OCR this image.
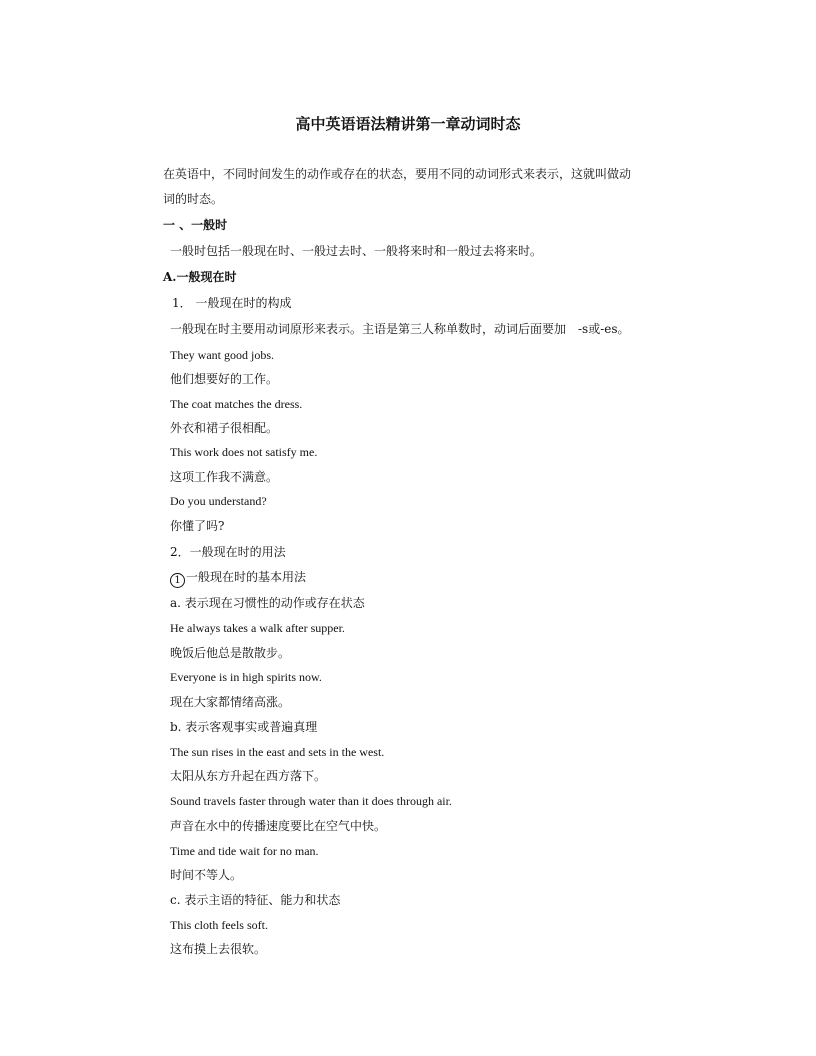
高中英语语法精讲第一章动词时态
在英语中，不同时间发生的动作或存在的状态，要用不同的动词形式来表示，这就叫做动
词的时态。
一 、一般时
一般时包括一般现在时、一般过去时、一般将来时和一般过去将来时。
A.一般现在时
1． 一般现在时的构成
一般现在时主要用动词原形来表示。主语是第三人称单数时，动词后面要加　-s或-es。
They want good jobs.
他们想要好的工作。
The coat matches the dress.
外衣和裙子很相配。
This work does not satisfy me.
这项工作我不满意。
Do you understand?
你懂了吗?
2．一般现在时的用法
1 一般现在时的基本用法
a. 表示现在习惯性的动作或存在状态
He always takes a walk after supper.
晚饭后他总是散散步。
Everyone is in high spirits now.
现在大家都情绪高涨。
b. 表示客观事实或普遍真理
The sun rises in the east and sets in the west.
太阳从东方升起在西方落下。
Sound travels faster through water than it does through air.
声音在水中的传播速度要比在空气中快。
Time and tide wait for no man.
时间不等人。
c. 表示主语的特征、能力和状态
This cloth feels soft.
这布摸上去很软。
